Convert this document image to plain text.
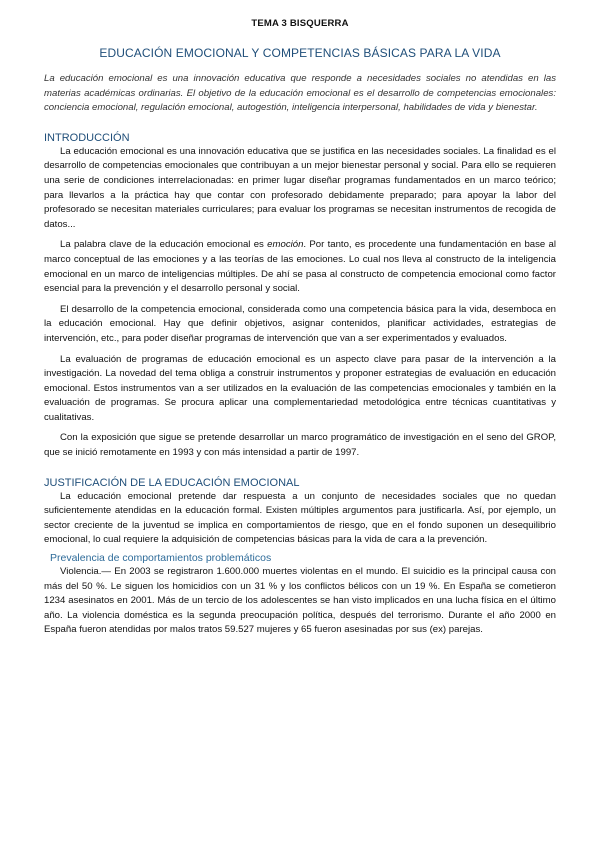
TEMA 3 BISQUERRA
EDUCACIÓN EMOCIONAL Y COMPETENCIAS BÁSICAS PARA LA VIDA
La educación emocional es una innovación educativa que responde a necesidades sociales no atendidas en las materias académicas ordinarias. El objetivo de la educación emocional es el desarrollo de competencias emocionales: conciencia emocional, regulación emocional, autogestión, inteligencia interpersonal, habilidades de vida y bienestar.
INTRODUCCIÓN

La educación emocional es una innovación educativa que se justifica en las necesidades sociales. La finalidad es el desarrollo de competencias emocionales que contribuyan a un mejor bienestar personal y social. Para ello se requieren una serie de condiciones interrelacionadas: en primer lugar diseñar programas fundamentados en un marco teórico; para llevarlos a la práctica hay que contar con profesorado debidamente preparado; para apoyar la labor del profesorado se necesitan materiales curriculares; para evaluar los programas se necesitan instrumentos de recogida de datos...

La palabra clave de la educación emocional es emoción. Por tanto, es procedente una fundamentación en base al marco conceptual de las emociones y a las teorías de las emociones. Lo cual nos lleva al constructo de la inteligencia emocional en un marco de inteligencias múltiples. De ahí se pasa al constructo de competencia emocional como factor esencial para la prevención y el desarrollo personal y social.

El desarrollo de la competencia emocional, considerada como una competencia básica para la vida, desemboca en la educación emocional. Hay que definir objetivos, asignar contenidos, planificar actividades, estrategias de intervención, etc., para poder diseñar programas de intervención que van a ser experimentados y evaluados.

La evaluación de programas de educación emocional es un aspecto clave para pasar de la intervención a la investigación. La novedad del tema obliga a construir instrumentos y proponer estrategias de evaluación en educación emocional. Estos instrumentos van a ser utilizados en la evaluación de las competencias emocionales y también en la evaluación de programas. Se procura aplicar una complementariedad metodológica entre técnicas cuantitativas y cualitativas.

Con la exposición que sigue se pretende desarrollar un marco programático de investigación en el seno del GROP, que se inició remotamente en 1993 y con más intensidad a partir de 1997.

JUSTIFICACIÓN DE LA EDUCACIÓN EMOCIONAL

La educación emocional pretende dar respuesta a un conjunto de necesidades sociales que no quedan suficientemente atendidas en la educación formal. Existen múltiples argumentos para justificarla. Así, por ejemplo, un sector creciente de la juventud se implica en comportamientos de riesgo, que en el fondo suponen un desequilibrio emocional, lo cual requiere la adquisición de competencias básicas para la vida de cara a la prevención.

Prevalencia de comportamientos problemáticos

Violencia.— En 2003 se registraron 1.600.000 muertes violentas en el mundo. El suicidio es la principal causa con más del 50 %. Le siguen los homicidios con un 31 % y los conflictos bélicos con un 19 %. En España se cometieron 1234 asesinatos en 2001. Más de un tercio de los adolescentes se han visto implicados en una lucha física en el último año. La violencia doméstica es la segunda preocupación política, después del terrorismo. Durante el año 2000 en España fueron atendidas por malos tratos 59.527 mujeres y 65 fueron asesinadas por sus (ex) parejas.
